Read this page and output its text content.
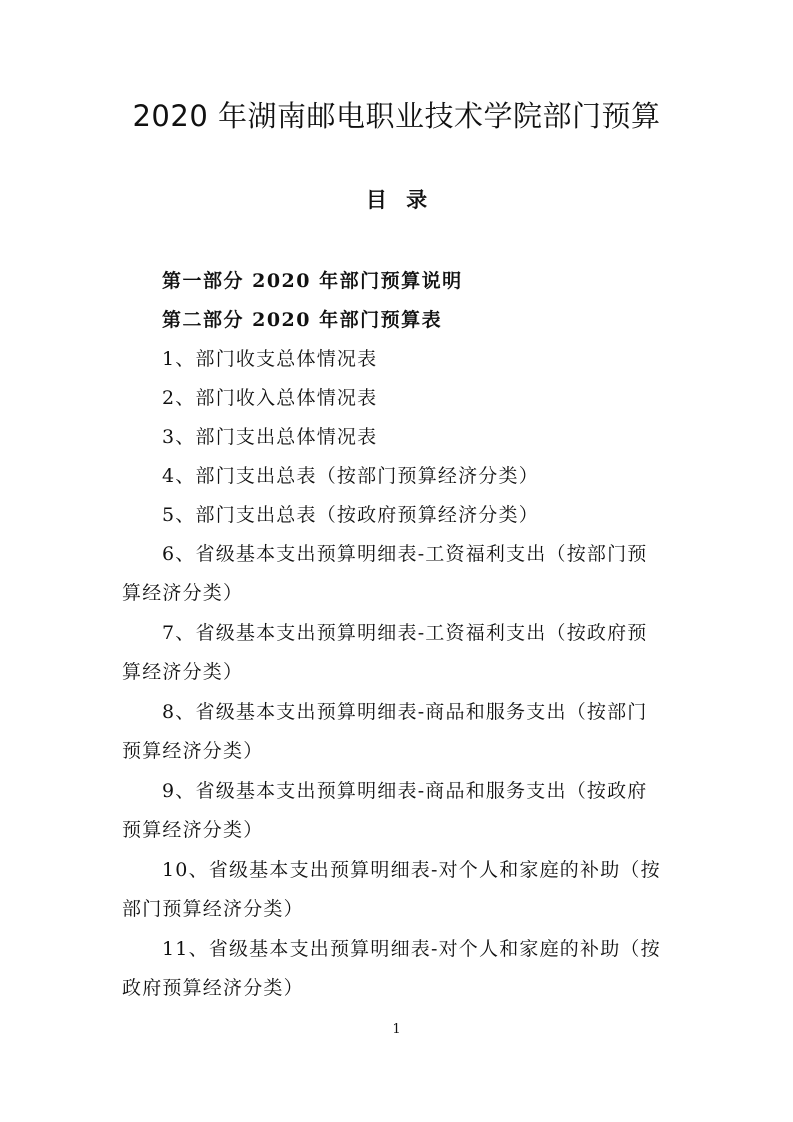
2020 年湖南邮电职业技术学院部门预算
目 录
第一部分 2020 年部门预算说明
第二部分 2020 年部门预算表
1、部门收支总体情况表
2、部门收入总体情况表
3、部门支出总体情况表
4、部门支出总表（按部门预算经济分类）
5、部门支出总表（按政府预算经济分类）
6、省级基本支出预算明细表-工资福利支出（按部门预
算经济分类）
7、省级基本支出预算明细表-工资福利支出（按政府预
算经济分类）
8、省级基本支出预算明细表-商品和服务支出（按部门
预算经济分类）
9、省级基本支出预算明细表-商品和服务支出（按政府
预算经济分类）
10、省级基本支出预算明细表-对个人和家庭的补助（按
部门预算经济分类）
11、省级基本支出预算明细表-对个人和家庭的补助（按
政府预算经济分类）
1
